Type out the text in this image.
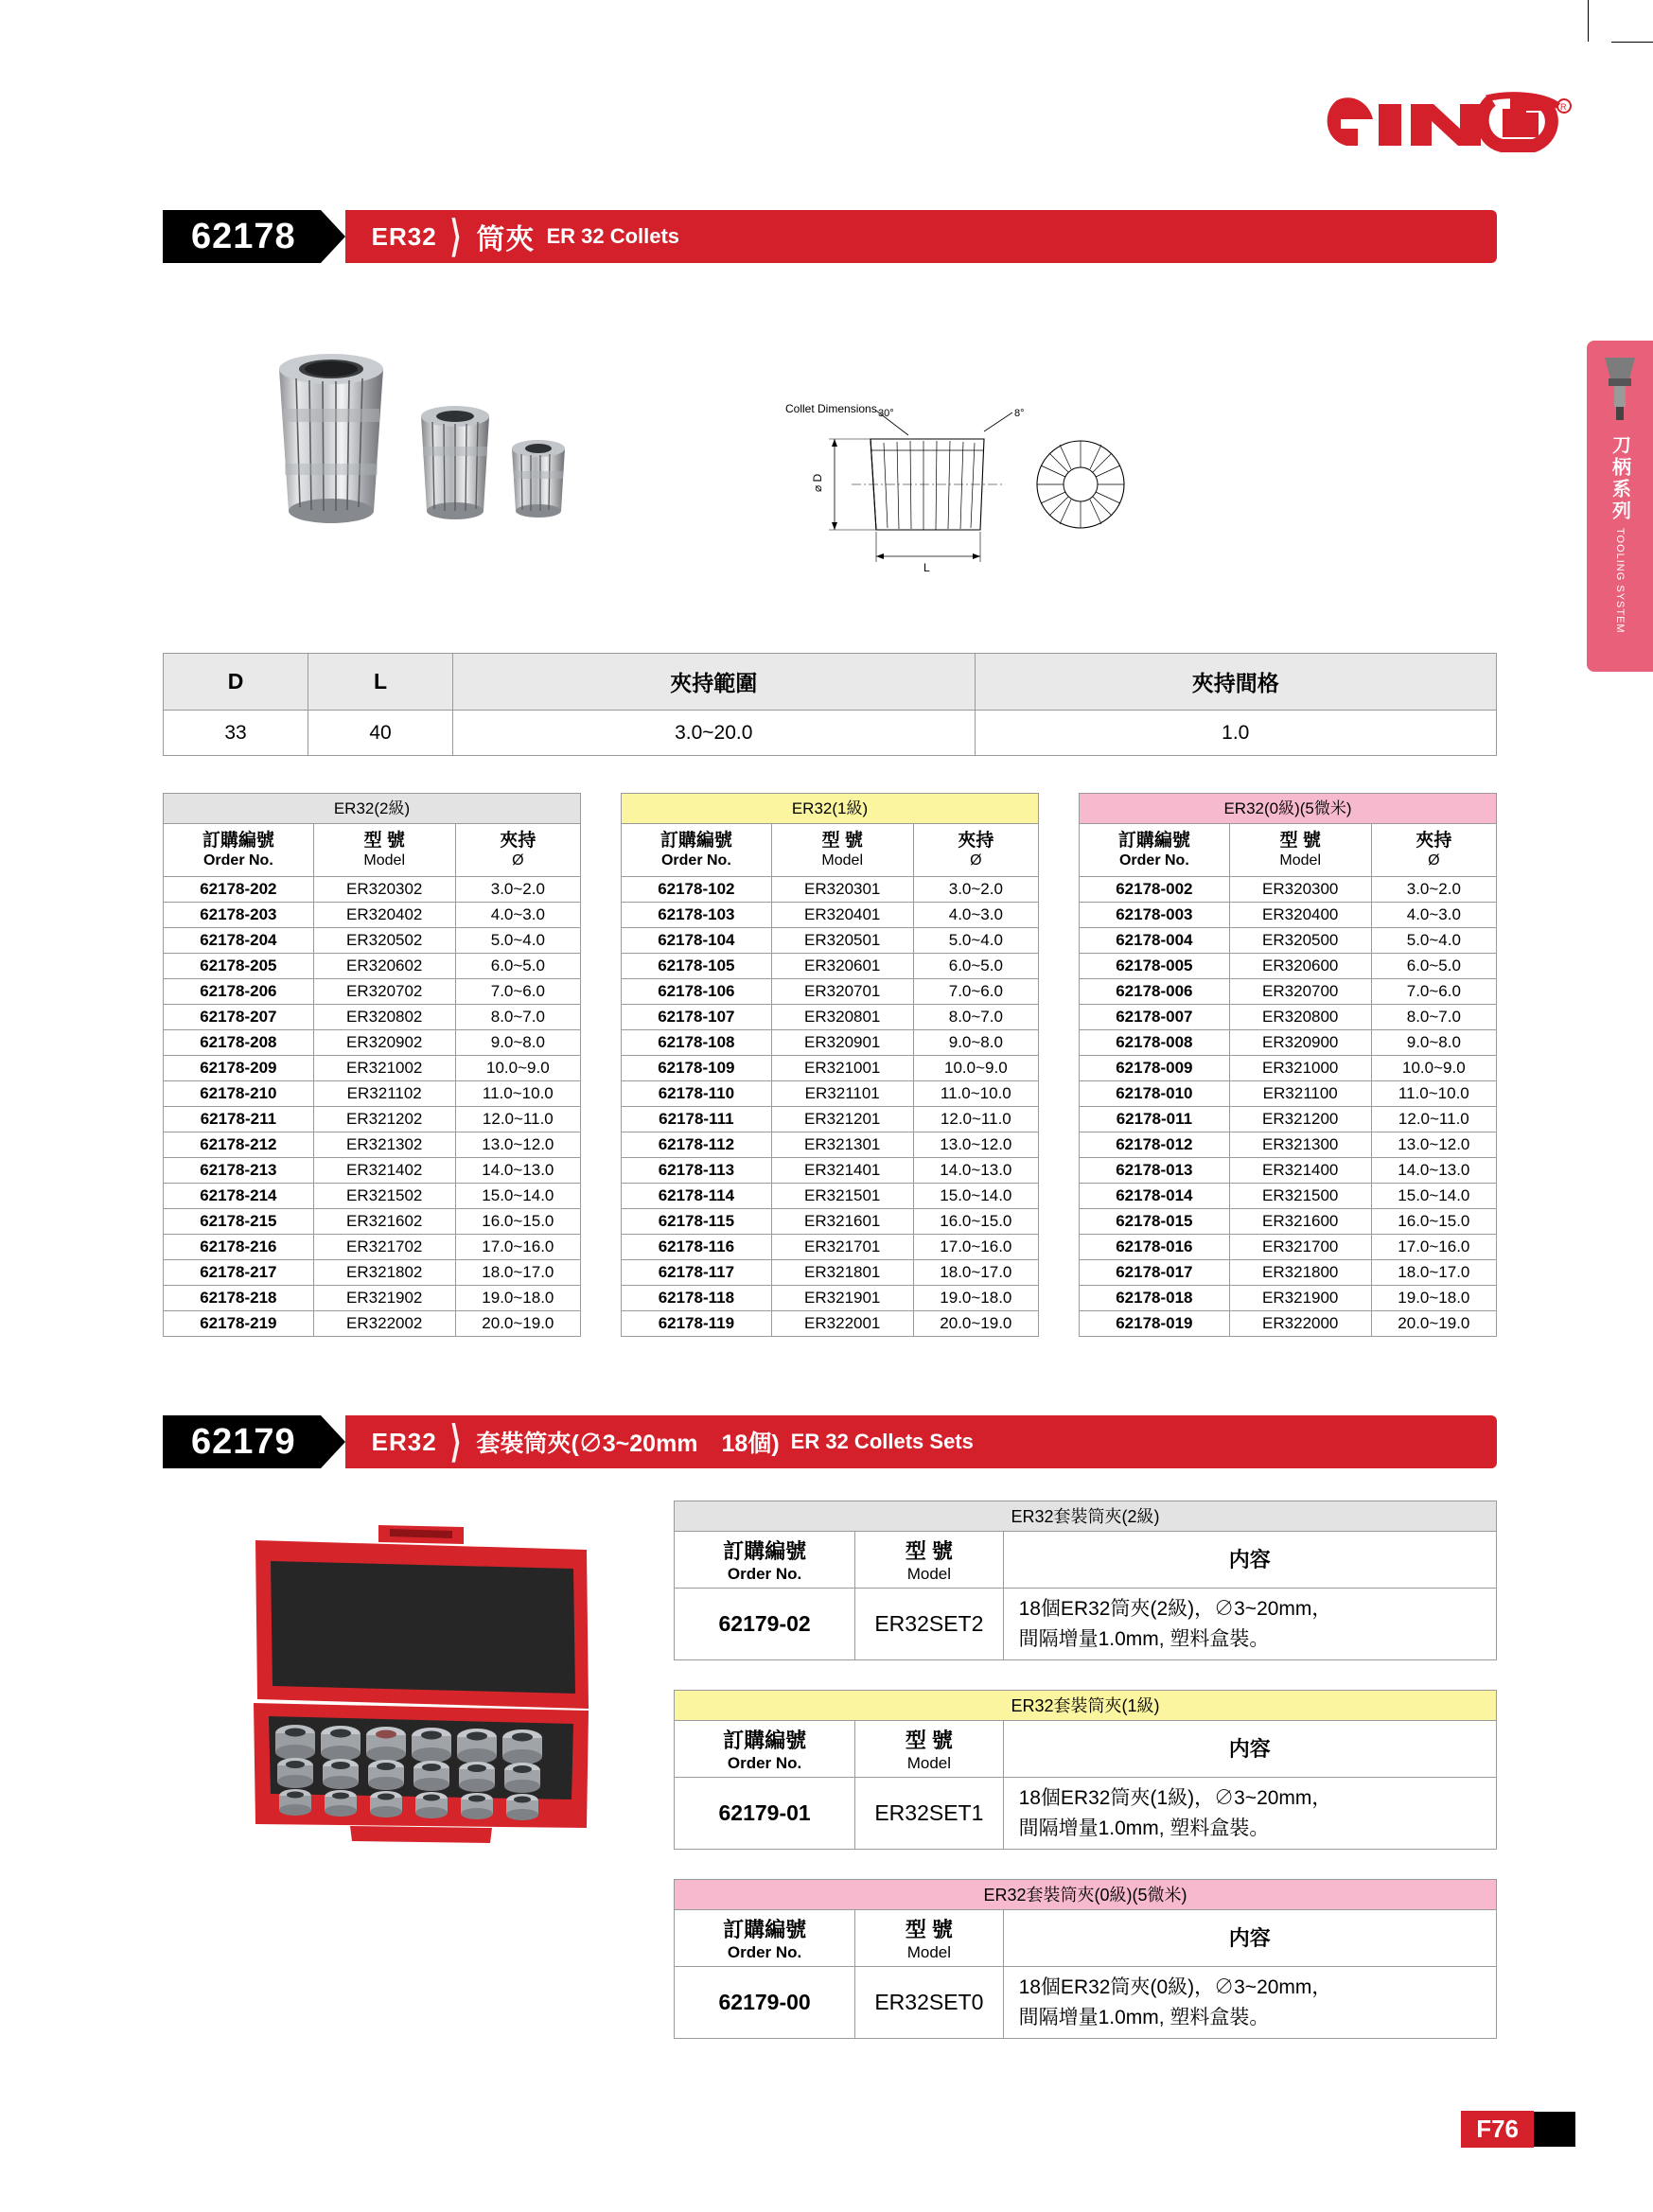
R
62178	ER32 ⟩ 筒夾 ER 32 Collets
刀柄系列
TOOLING SYSTEM
Collet Dimensions 30°	8°
⌀ D
L
D	L	夾持範圍	夾持間格
33	40	3.0~20.0	1.0
ER32(2級)
訂購編號
Order No.	型 號
Model	夾持
Ø

62178-202	ER320302	3.0~2.0
62178-203	ER320402	4.0~3.0
62178-204	ER320502	5.0~4.0
62178-205	ER320602	6.0~5.0
62178-206	ER320702	7.0~6.0
62178-207	ER320802	8.0~7.0
62178-208	ER320902	9.0~8.0
62178-209	ER321002	10.0~9.0
62178-210	ER321102	11.0~10.0
62178-211	ER321202	12.0~11.0
62178-212	ER321302	13.0~12.0
62178-213	ER321402	14.0~13.0
62178-214	ER321502	15.0~14.0
62178-215	ER321602	16.0~15.0
62178-216	ER321702	17.0~16.0
62178-217	ER321802	18.0~17.0
62178-218	ER321902	19.0~18.0
62178-219	ER322002	20.0~19.0
ER32(1級)
訂購編號
Order No.	型 號
Model	夾持
Ø

62178-102	ER320301	3.0~2.0
62178-103	ER320401	4.0~3.0
62178-104	ER320501	5.0~4.0
62178-105	ER320601	6.0~5.0
62178-106	ER320701	7.0~6.0
62178-107	ER320801	8.0~7.0
62178-108	ER320901	9.0~8.0
62178-109	ER321001	10.0~9.0
62178-110	ER321101	11.0~10.0
62178-111	ER321201	12.0~11.0
62178-112	ER321301	13.0~12.0
62178-113	ER321401	14.0~13.0
62178-114	ER321501	15.0~14.0
62178-115	ER321601	16.0~15.0
62178-116	ER321701	17.0~16.0
62178-117	ER321801	18.0~17.0
62178-118	ER321901	19.0~18.0
62178-119	ER322001	20.0~19.0
ER32(0級)(5微米)
訂購編號
Order No.	型 號
Model	夾持
Ø

62178-002	ER320300	3.0~2.0
62178-003	ER320400	4.0~3.0
62178-004	ER320500	5.0~4.0
62178-005	ER320600	6.0~5.0
62178-006	ER320700	7.0~6.0
62178-007	ER320800	8.0~7.0
62178-008	ER320900	9.0~8.0
62178-009	ER321000	10.0~9.0
62178-010	ER321100	11.0~10.0
62178-011	ER321200	12.0~11.0
62178-012	ER321300	13.0~12.0
62178-013	ER321400	14.0~13.0
62178-014	ER321500	15.0~14.0
62178-015	ER321600	16.0~15.0
62178-016	ER321700	17.0~16.0
62178-017	ER321800	18.0~17.0
62178-018	ER321900	19.0~18.0
62178-019	ER322000	20.0~19.0
62179	ER32 ⟩ 套裝筒夾(∅3~20mm　18個) ER 32 Collets Sets
ER32套裝筒夾(2級)
訂購編號
Order No.	型 號
Model	内容

62179-02	ER32SET2	18個ER32筒夾(2級)，∅3~20mm，
間隔增量1.0mm, 塑料盒裝。
ER32套裝筒夾(1級)
訂購編號
Order No.	型 號
Model	内容

62179-01	ER32SET1	18個ER32筒夾(1級)，∅3~20mm，
間隔增量1.0mm, 塑料盒裝。
ER32套裝筒夾(0級)(5微米)
訂購編號
Order No.	型 號
Model	内容

62179-00	ER32SET0	18個ER32筒夾(0級)，∅3~20mm，
間隔增量1.0mm, 塑料盒裝。
F76
